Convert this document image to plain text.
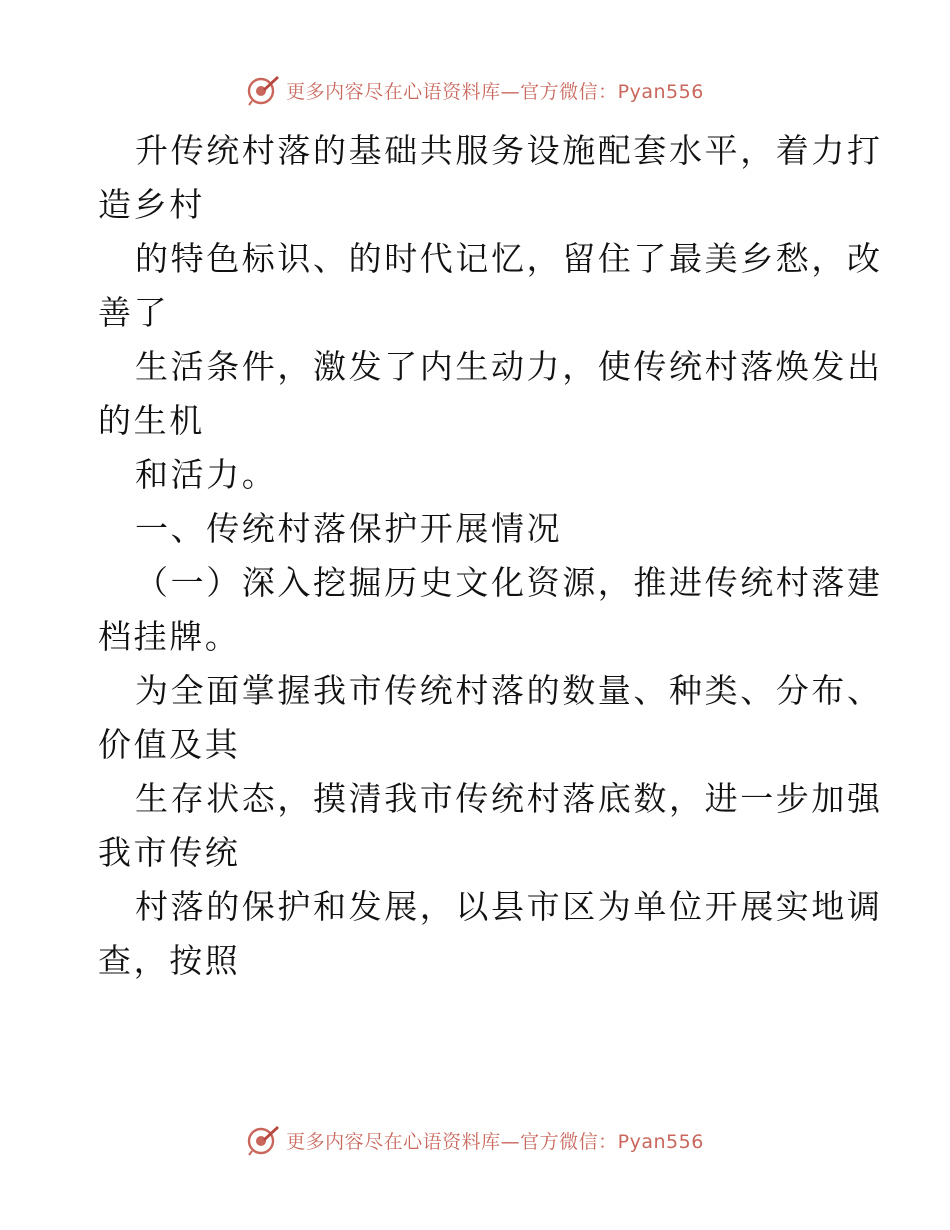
更多内容尽在心语资料库—官方微信：Pyan556
升传统村落的基础共服务设施配套水平，着力打
造乡村
的特色标识、的时代记忆，留住了最美乡愁，改
善了
生活条件，激发了内生动力，使传统村落焕发出
的生机
和活力。
一、传统村落保护开展情况
（一）深入挖掘历史文化资源，推进传统村落建
档挂牌。
为全面掌握我市传统村落的数量、种类、分布、
价值及其
生存状态，摸清我市传统村落底数，进一步加强
我市传统
村落的保护和发展，以县市区为单位开展实地调
查，按照
更多内容尽在心语资料库—官方微信：Pyan556
